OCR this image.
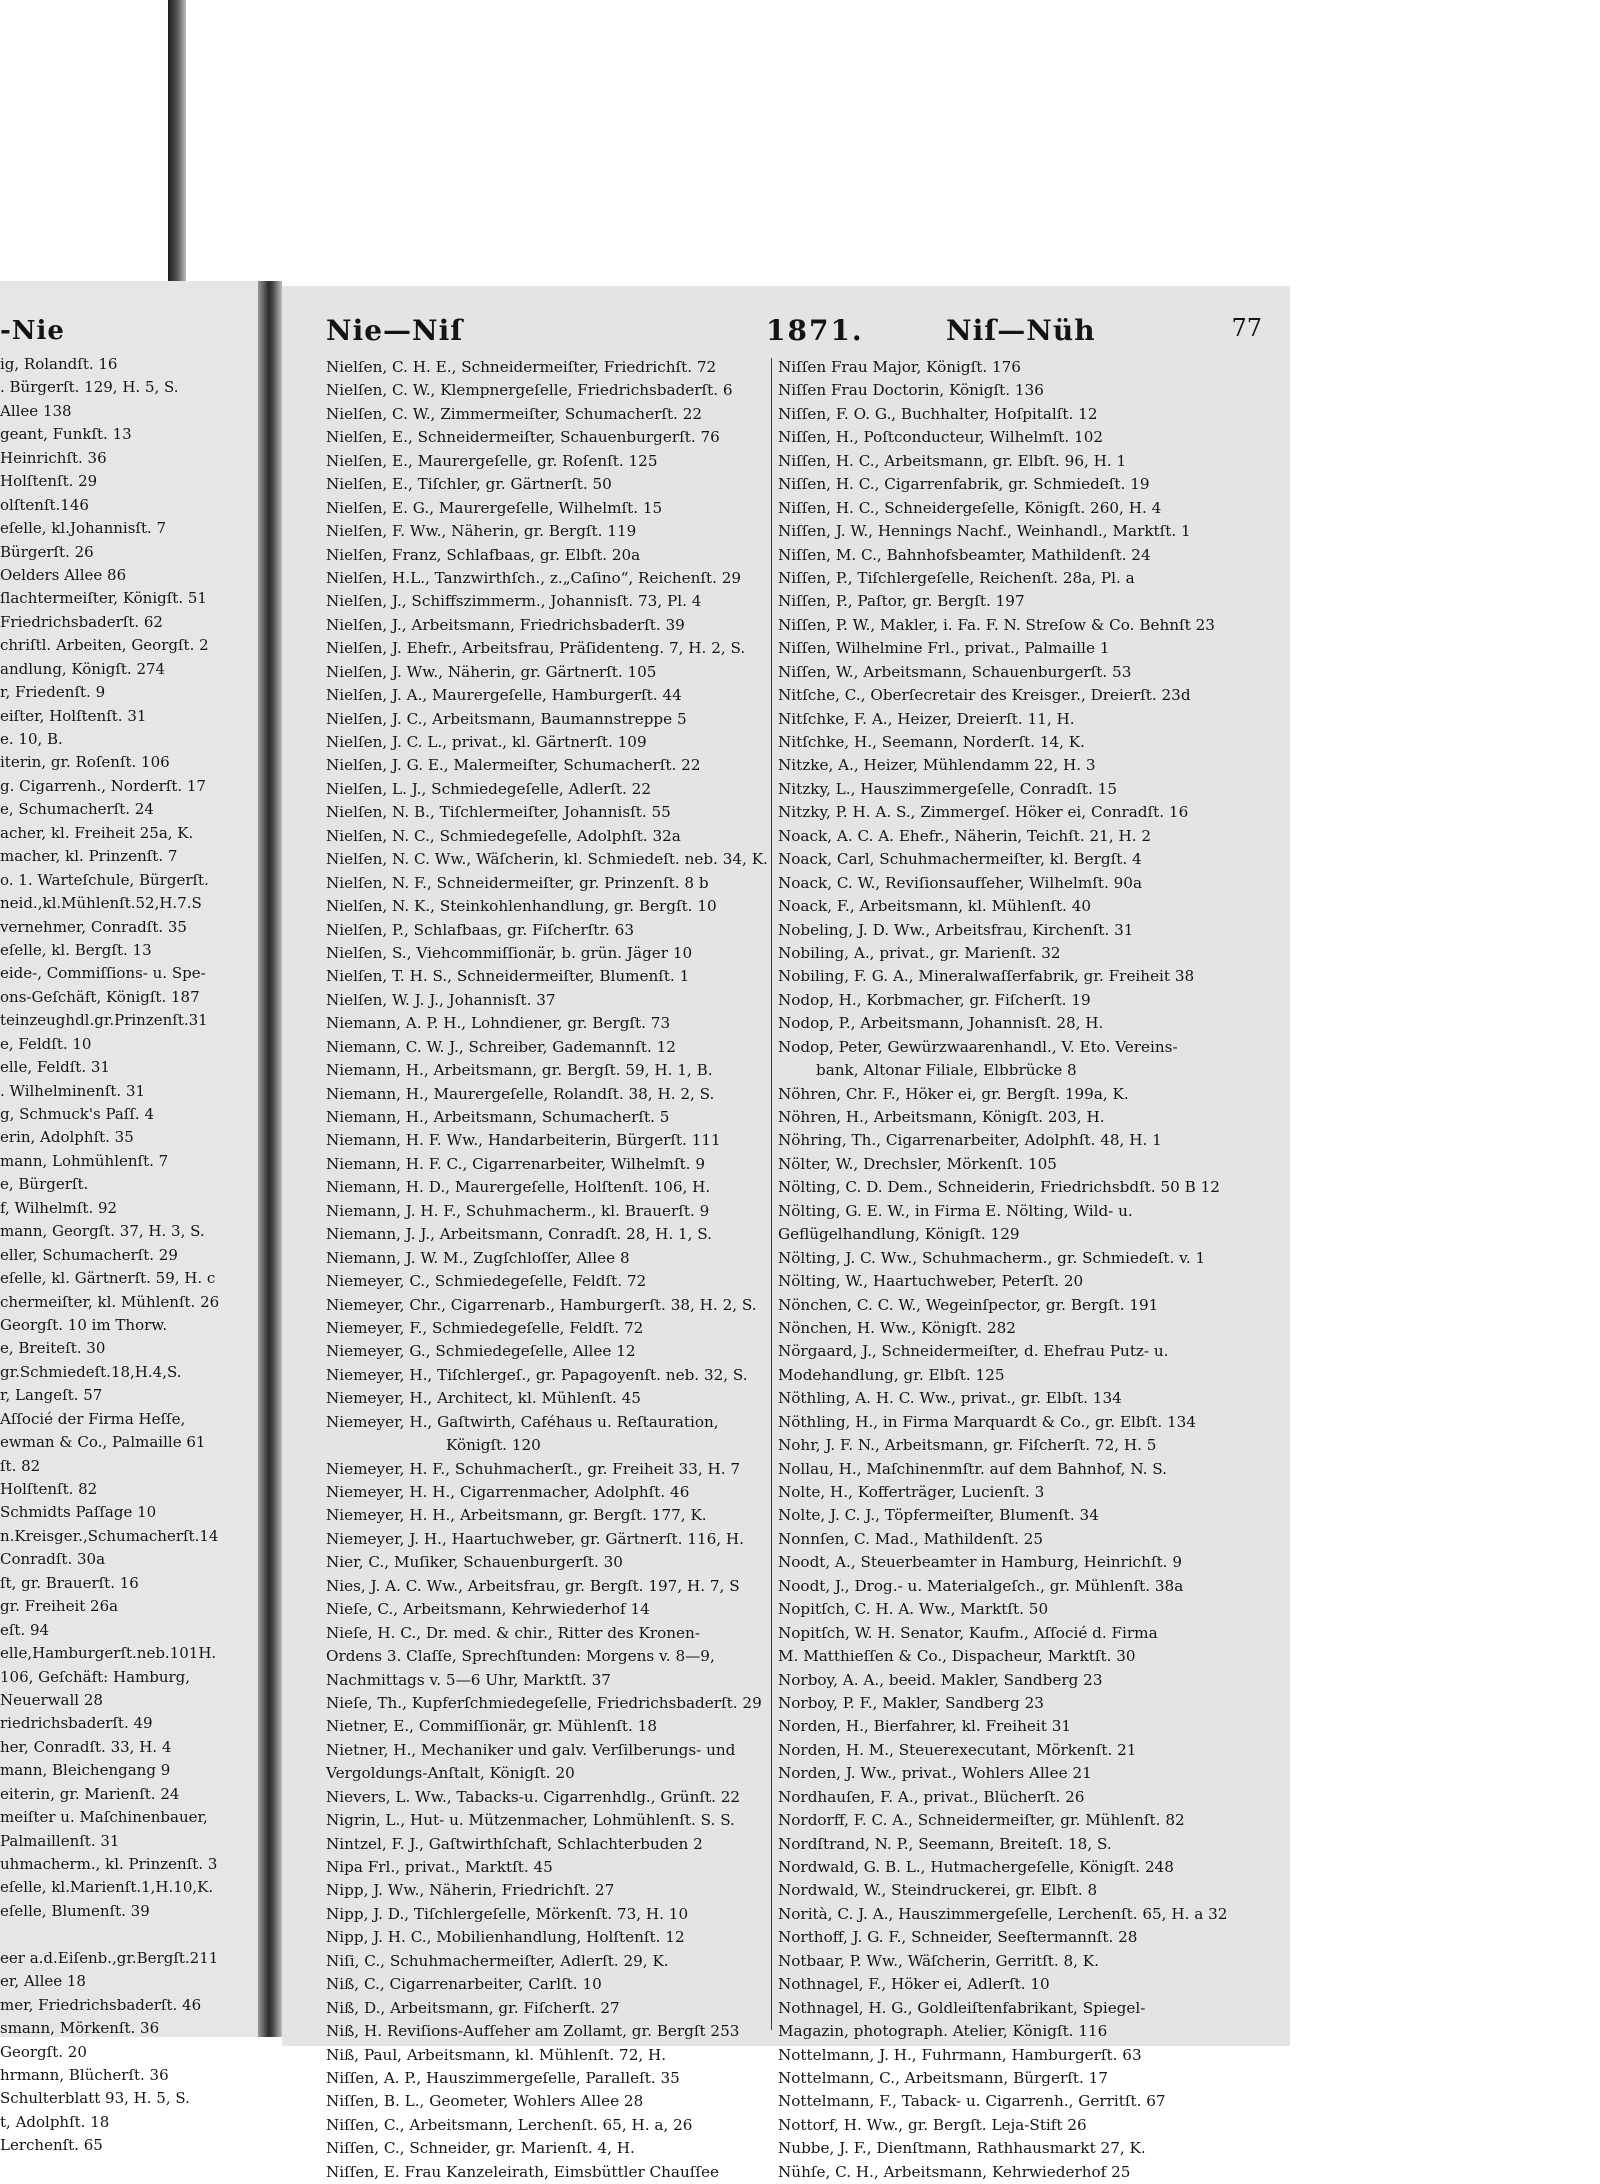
-Nie
ig, Rolandſt. 16
. Bürgerſt. 129, H. 5, S.
Allee 138
geant, Funkſt. 13
Heinrichſt. 36
Holſtenſt. 29
olſtenſt.146
eſelle, kl.Johannisſt. 7
Bürgerſt. 26
Oelders Allee 86
ſlachtermeiſter, Königſt. 51
Friedrichsbaderſt. 62
chriſtl. Arbeiten, Georgſt. 2
andlung, Königſt. 274
r, Friedenſt. 9
eiſter, Holſtenſt. 31
e. 10, B.
iterin, gr. Roſenſt. 106
g. Cigarrenh., Norderſt. 17
e, Schumacherſt. 24
acher, kl. Freiheit 25a, K.
macher, kl. Prinzenſt. 7
o. 1. Warteſchule, Bürgerſt.
neid.,kl.Mühlenſt.52,H.7.S
vernehmer, Conradſt. 35
eſelle, kl. Bergſt. 13
eide-, Commiſſions- u. Spe-
ons-Geſchäft, Königſt. 187
teinzeughdl.gr.Prinzenſt.31
e, Feldſt. 10
elle, Feldſt. 31
. Wilhelminenſt. 31
g, Schmuck's Paſſ. 4
erin, Adolphſt. 35
mann, Lohmühlenſt. 7
e, Bürgerſt.
f, Wilhelmſt. 92
mann, Georgſt. 37, H. 3, S.
eller, Schumacherſt. 29
eſelle, kl. Gärtnerſt. 59, H. c
chermeiſter, kl. Mühlenſt. 26
Georgſt. 10 im Thorw.
e, Breiteſt. 30
gr.Schmiedeſt.18,H.4,S.
r, Langeſt. 57
Aſſocié der Firma Heſſe,
ewman & Co., Palmaille 61
ſt. 82
Holſtenſt. 82
Schmidts Paſſage 10
n.Kreisger.,Schumacherſt.14
Conradſt. 30a
ſt, gr. Brauerſt. 16
gr. Freiheit 26a
eſt. 94
elle,Hamburgerſt.neb.101H.
106, Geſchäft: Hamburg,
Neuerwall 28
riedrichsbaderſt. 49
her, Conradſt. 33, H. 4
mann, Bleichengang 9
eiterin, gr. Marienſt. 24
meiſter u. Maſchinenbauer,
Palmaillenſt. 31
uhmacherm., kl. Prinzenſt. 3
eſelle, kl.Marienſt.1,H.10,K.
eſelle, Blumenſt. 39
eer a.d.Eiſenb.,gr.Bergſt.211
er, Allee 18
mer, Friedrichsbaderſt. 46
smann, Mörkenſt. 36
Georgſt. 20
hrmann, Blücherſt. 36
Schulterblatt 93, H. 5, S.
t, Adolphſt. 18
Lerchenſt. 65
Nie—Niſ	1871.	Niſ—Nüh	77
Nielſen, C. H. E., Schneidermeiſter, Friedrichſt. 72
Nielſen, C. W., Klempnergeſelle, Friedrichsbaderſt. 6
Nielſen, C. W., Zimmermeiſter, Schumacherſt. 22
Nielſen, E., Schneidermeiſter, Schauenburgerſt. 76
Nielſen, E., Maurergeſelle, gr. Roſenſt. 125
Nielſen, E., Tiſchler, gr. Gärtnerſt. 50
Nielſen, E. G., Maurergeſelle, Wilhelmſt. 15
Nielſen, F. Ww., Näherin, gr. Bergſt. 119
Nielſen, Franz, Schlafbaas, gr. Elbſt. 20a
Nielſen, H.L., Tanzwirthſch., z.„Caſino“, Reichenſt. 29
Nielſen, J., Schiffszimmerm., Johannisſt. 73, Pl. 4
Nielſen, J., Arbeitsmann, Friedrichsbaderſt. 39
Nielſen, J. Ehefr., Arbeitsfrau, Präſidenteng. 7, H. 2, S.
Nielſen, J. Ww., Näherin, gr. Gärtnerſt. 105
Nielſen, J. A., Maurergeſelle, Hamburgerſt. 44
Nielſen, J. C., Arbeitsmann, Baumannstreppe 5
Nielſen, J. C. L., privat., kl. Gärtnerſt. 109
Nielſen, J. G. E., Malermeiſter, Schumacherſt. 22
Nielſen, L. J., Schmiedegeſelle, Adlerſt. 22
Nielſen, N. B., Tiſchlermeiſter, Johannisſt. 55
Nielſen, N. C., Schmiedegeſelle, Adolphſt. 32a
Nielſen, N. C. Ww., Wäſcherin, kl. Schmiedeſt. neb. 34, K.
Nielſen, N. F., Schneidermeiſter, gr. Prinzenſt. 8 b
Nielſen, N. K., Steinkohlenhandlung, gr. Bergſt. 10
Nielſen, P., Schlafbaas, gr. Fiſcherſtr. 63
Nielſen, S., Viehcommiſſionär, b. grün. Jäger 10
Nielſen, T. H. S., Schneidermeiſter, Blumenſt. 1
Nielſen, W. J. J., Johannisſt. 37
Niemann, A. P. H., Lohndiener, gr. Bergſt. 73
Niemann, C. W. J., Schreiber, Gademannſt. 12
Niemann, H., Arbeitsmann, gr. Bergſt. 59, H. 1, B.
Niemann, H., Maurergeſelle, Rolandſt. 38, H. 2, S.
Niemann, H., Arbeitsmann, Schumacherſt. 5
Niemann, H. F. Ww., Handarbeiterin, Bürgerſt. 111
Niemann, H. F. C., Cigarrenarbeiter, Wilhelmſt. 9
Niemann, H. D., Maurergeſelle, Holſtenſt. 106, H.
Niemann, J. H. F., Schuhmacherm., kl. Brauerſt. 9
Niemann, J. J., Arbeitsmann, Conradſt. 28, H. 1, S.
Niemann, J. W. M., Zugſchloſſer, Allee 8
Niemeyer, C., Schmiedegeſelle, Feldſt. 72
Niemeyer, Chr., Cigarrenarb., Hamburgerſt. 38, H. 2, S.
Niemeyer, F., Schmiedegeſelle, Feldſt. 72
Niemeyer, G., Schmiedegeſelle, Allee 12
Niemeyer, H., Tiſchlergeſ., gr. Papagoyenſt. neb. 32, S.
Niemeyer, H., Architect, kl. Mühlenſt. 45
Niemeyer, H., Gaſtwirth, Caféhaus u. Reſtauration,
Königſt. 120
Niemeyer, H. F., Schuhmacherſt., gr. Freiheit 33, H. 7
Niemeyer, H. H., Cigarrenmacher, Adolphſt. 46
Niemeyer, H. H., Arbeitsmann, gr. Bergſt. 177, K.
Niemeyer, J. H., Haartuchweber, gr. Gärtnerſt. 116, H.
Nier, C., Muſiker, Schauenburgerſt. 30
Nies, J. A. C. Ww., Arbeitsfrau, gr. Bergſt. 197, H. 7, S
Nieſe, C., Arbeitsmann, Kehrwiederhof 14
Nieſe, H. C., Dr. med. & chir., Ritter des Kronen-
Ordens 3. Claſſe, Sprechſtunden: Morgens v. 8—9,
Nachmittags v. 5—6 Uhr, Marktſt. 37
Nieſe, Th., Kupferſchmiedegeſelle, Friedrichsbaderſt. 29
Nietner, E., Commiſſionär, gr. Mühlenſt. 18
Nietner, H., Mechaniker und galv. Verſilberungs- und
Vergoldungs-Anſtalt, Königſt. 20
Nievers, L. Ww., Tabacks-u. Cigarrenhdlg., Grünſt. 22
Nigrin, L., Hut- u. Mützenmacher, Lohmühlenſt. S. S.
Nintzel, F. J., Gaſtwirthſchaft, Schlachterbuden 2
Nipa Frl., privat., Marktſt. 45
Nipp, J. Ww., Näherin, Friedrichſt. 27
Nipp, J. D., Tiſchlergeſelle, Mörkenſt. 73, H. 10
Nipp, J. H. C., Mobilienhandlung, Holſtenſt. 12
Niſi, C., Schuhmachermeiſter, Adlerſt. 29, K.
Niß, C., Cigarrenarbeiter, Carlſt. 10
Niß, D., Arbeitsmann, gr. Fiſcherſt. 27
Niß, H. Reviſions-Aufſeher am Zollamt, gr. Bergſt 253
Niß, Paul, Arbeitsmann, kl. Mühlenſt. 72, H.
Niſſen, A. P., Hauszimmergeſelle, Paralleſt. 35
Niſſen, B. L., Geometer, Wohlers Allee 28
Niſſen, C., Arbeitsmann, Lerchenſt. 65, H. a, 26
Niſſen, C., Schneider, gr. Marienſt. 4, H.
Niſſen, E. Frau Kanzeleirath, Eimsbüttler Chauſſee
Niſſen Frau Major, Königſt. 176
Niſſen Frau Doctorin, Königſt. 136
Niſſen, F. O. G., Buchhalter, Hoſpitalſt. 12
Niſſen, H., Poſtconducteur, Wilhelmſt. 102
Niſſen, H. C., Arbeitsmann, gr. Elbſt. 96, H. 1
Niſſen, H. C., Cigarrenfabrik, gr. Schmiedeſt. 19
Niſſen, H. C., Schneidergeſelle, Königſt. 260, H. 4
Niſſen, J. W., Hennings Nachf., Weinhandl., Marktſt. 1
Niſſen, M. C., Bahnhofsbeamter, Mathildenſt. 24
Niſſen, P., Tiſchlergeſelle, Reichenſt. 28a, Pl. a
Niſſen, P., Paſtor, gr. Bergſt. 197
Niſſen, P. W., Makler, i. Fa. F. N. Streſow & Co. Behnſt 23
Niſſen, Wilhelmine Frl., privat., Palmaille 1
Niſſen, W., Arbeitsmann, Schauenburgerſt. 53
Nitſche, C., Oberſecretair des Kreisger., Dreierſt. 23d
Nitſchke, F. A., Heizer, Dreierſt. 11, H.
Nitſchke, H., Seemann, Norderſt. 14, K.
Nitzke, A., Heizer, Mühlendamm 22, H. 3
Nitzky, L., Hauszimmergeſelle, Conradſt. 15
Nitzky, P. H. A. S., Zimmergeſ. Höker ei, Conradſt. 16
Noack, A. C. A. Ehefr., Näherin, Teichſt. 21, H. 2
Noack, Carl, Schuhmachermeiſter, kl. Bergſt. 4
Noack, C. W., Reviſionsaufſeher, Wilhelmſt. 90a
Noack, F., Arbeitsmann, kl. Mühlenſt. 40
Nobeling, J. D. Ww., Arbeitsfrau, Kirchenſt. 31
Nobiling, A., privat., gr. Marienſt. 32
Nobiling, F. G. A., Mineralwaſſerfabrik, gr. Freiheit 38
Nodop, H., Korbmacher, gr. Fiſcherſt. 19
Nodop, P., Arbeitsmann, Johannisſt. 28, H.
Nodop, Peter, Gewürzwaarenhandl., V. Eto. Vereins-
bank, Altonar Filiale, Elbbrücke 8
Nöhren, Chr. F., Höker ei, gr. Bergſt. 199a, K.
Nöhren, H., Arbeitsmann, Königſt. 203, H.
Nöhring, Th., Cigarrenarbeiter, Adolphſt. 48, H. 1
Nölter, W., Drechsler, Mörkenſt. 105
Nölting, C. D. Dem., Schneiderin, Friedrichsbdſt. 50 B 12
Nölting, G. E. W., in Firma E. Nölting, Wild- u.
Geflügelhandlung, Königſt. 129
Nölting, J. C. Ww., Schuhmacherm., gr. Schmiedeſt. v. 1
Nölting, W., Haartuchweber, Peterſt. 20
Nönchen, C. C. W., Wegeinſpector, gr. Bergſt. 191
Nönchen, H. Ww., Königſt. 282
Nörgaard, J., Schneidermeiſter, d. Ehefrau Putz- u.
Modehandlung, gr. Elbſt. 125
Nöthling, A. H. C. Ww., privat., gr. Elbſt. 134
Nöthling, H., in Firma Marquardt & Co., gr. Elbſt. 134
Nohr, J. F. N., Arbeitsmann, gr. Fiſcherſt. 72, H. 5
Nollau, H., Maſchinenmſtr. auf dem Bahnhof, N. S.
Nolte, H., Kofferträger, Lucienſt. 3
Nolte, J. C. J., Töpfermeiſter, Blumenſt. 34
Nonnſen, C. Mad., Mathildenſt. 25
Noodt, A., Steuerbeamter in Hamburg, Heinrichſt. 9
Noodt, J., Drog.- u. Materialgeſch., gr. Mühlenſt. 38a
Nopitſch, C. H. A. Ww., Marktſt. 50
Nopitſch, W. H. Senator, Kaufm., Aſſocié d. Firma
M. Matthieſſen & Co., Dispacheur, Marktſt. 30
Norboy, A. A., beeid. Makler, Sandberg 23
Norboy, P. F., Makler, Sandberg 23
Norden, H., Bierfahrer, kl. Freiheit 31
Norden, H. M., Steuerexecutant, Mörkenſt. 21
Norden, J. Ww., privat., Wohlers Allee 21
Nordhauſen, F. A., privat., Blücherſt. 26
Nordorff, F. C. A., Schneidermeiſter, gr. Mühlenſt. 82
Nordſtrand, N. P., Seemann, Breiteſt. 18, S.
Nordwald, G. B. L., Hutmachergeſelle, Königſt. 248
Nordwald, W., Steindruckerei, gr. Elbſt. 8
Norità, C. J. A., Hauszimmergeſelle, Lerchenſt. 65, H. a 32
Northoff, J. G. F., Schneider, Seeſtermannſt. 28
Notbaar, P. Ww., Wäſcherin, Gerritſt. 8, K.
Nothnagel, F., Höker ei, Adlerſt. 10
Nothnagel, H. G., Goldleiſtenfabrikant, Spiegel-
Magazin, photograph. Atelier, Königſt. 116
Nottelmann, J. H., Fuhrmann, Hamburgerſt. 63
Nottelmann, C., Arbeitsmann, Bürgerſt. 17
Nottelmann, F., Taback- u. Cigarrenh., Gerritſt. 67
Nottorf, H. Ww., gr. Bergſt. Leja-Stift 26
Nubbe, J. F., Dienſtmann, Rathhausmarkt 27, K.
Nühſe, C. H., Arbeitsmann, Kehrwiederhof 25
